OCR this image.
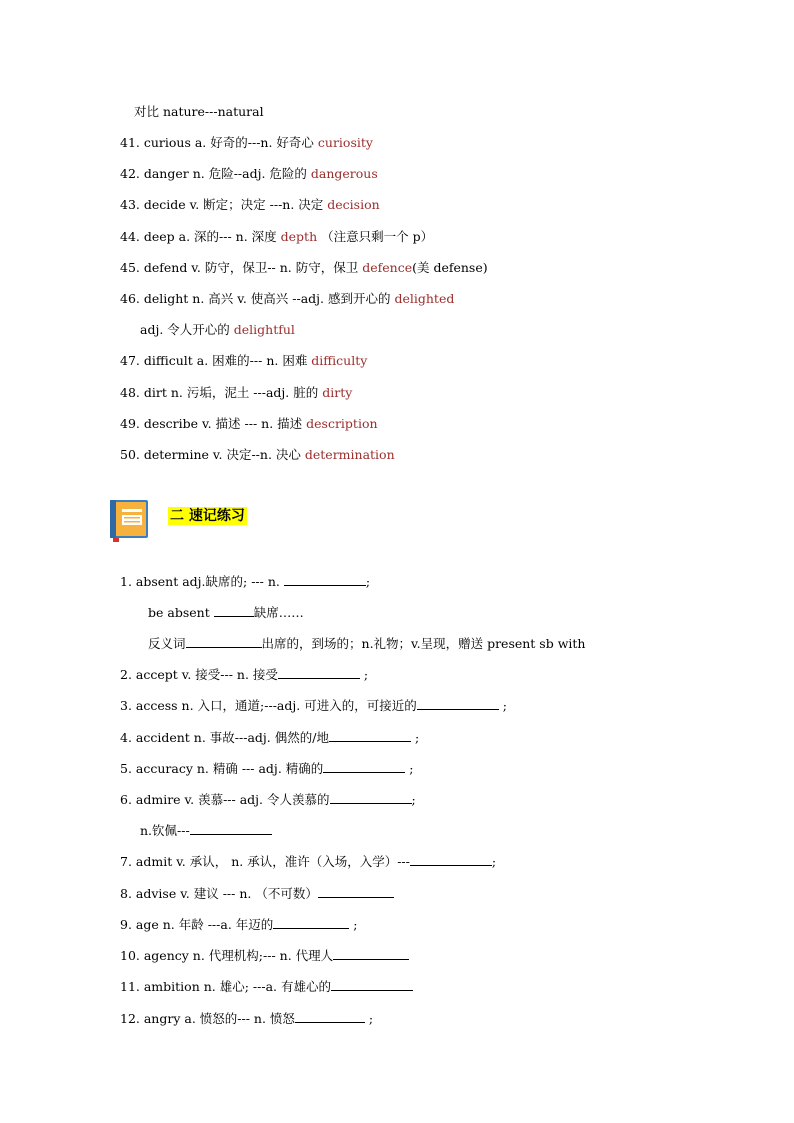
对比 nature---natural
41. curious a. 好奇的---n. 好奇心 curiosity
42. danger n. 危险--adj. 危险的 dangerous
43. decide v. 断定；决定 ---n. 决定 decision
44. deep a. 深的--- n. 深度 depth （注意只剩一个 p）
45. defend v. 防守，保卫-- n. 防守，保卫 defence(美 defense)
46. delight n. 高兴 v. 使高兴 --adj. 感到开心的 delighted
adj. 令人开心的 delightful
47. difficult a. 困难的--- n. 困难 difficulty
48. dirt n. 污垢，泥土 ---adj. 脏的 dirty
49. describe v. 描述 --- n. 描述 description
50. determine v. 决定--n. 决心 determination
二 速记练习
1. absent adj.缺席的; --- n.	;
be absent	缺席……
反义词	出席的，到场的；n.礼物；v.呈现，赠送 present sb with
2. accept v. 接受--- n. 接受	;
3. access n. 入口，通道;---adj. 可进入的，可接近的	;
4. accident n. 事故---adj. 偶然的/地	;
5. accuracy n. 精确 --- adj. 精确的	;
6. admire v. 羡慕--- adj. 令人羡慕的	;
n.钦佩---
7. admit v. 承认， n. 承认，准许（入场，入学）---	;
8. advise v. 建议 --- n. （不可数）
9. age n. 年龄 ---a. 年迈的	;
10. agency n. 代理机构;--- n. 代理人
11. ambition n. 雄心; ---a. 有雄心的
12. angry a. 愤怒的--- n. 愤怒	;
